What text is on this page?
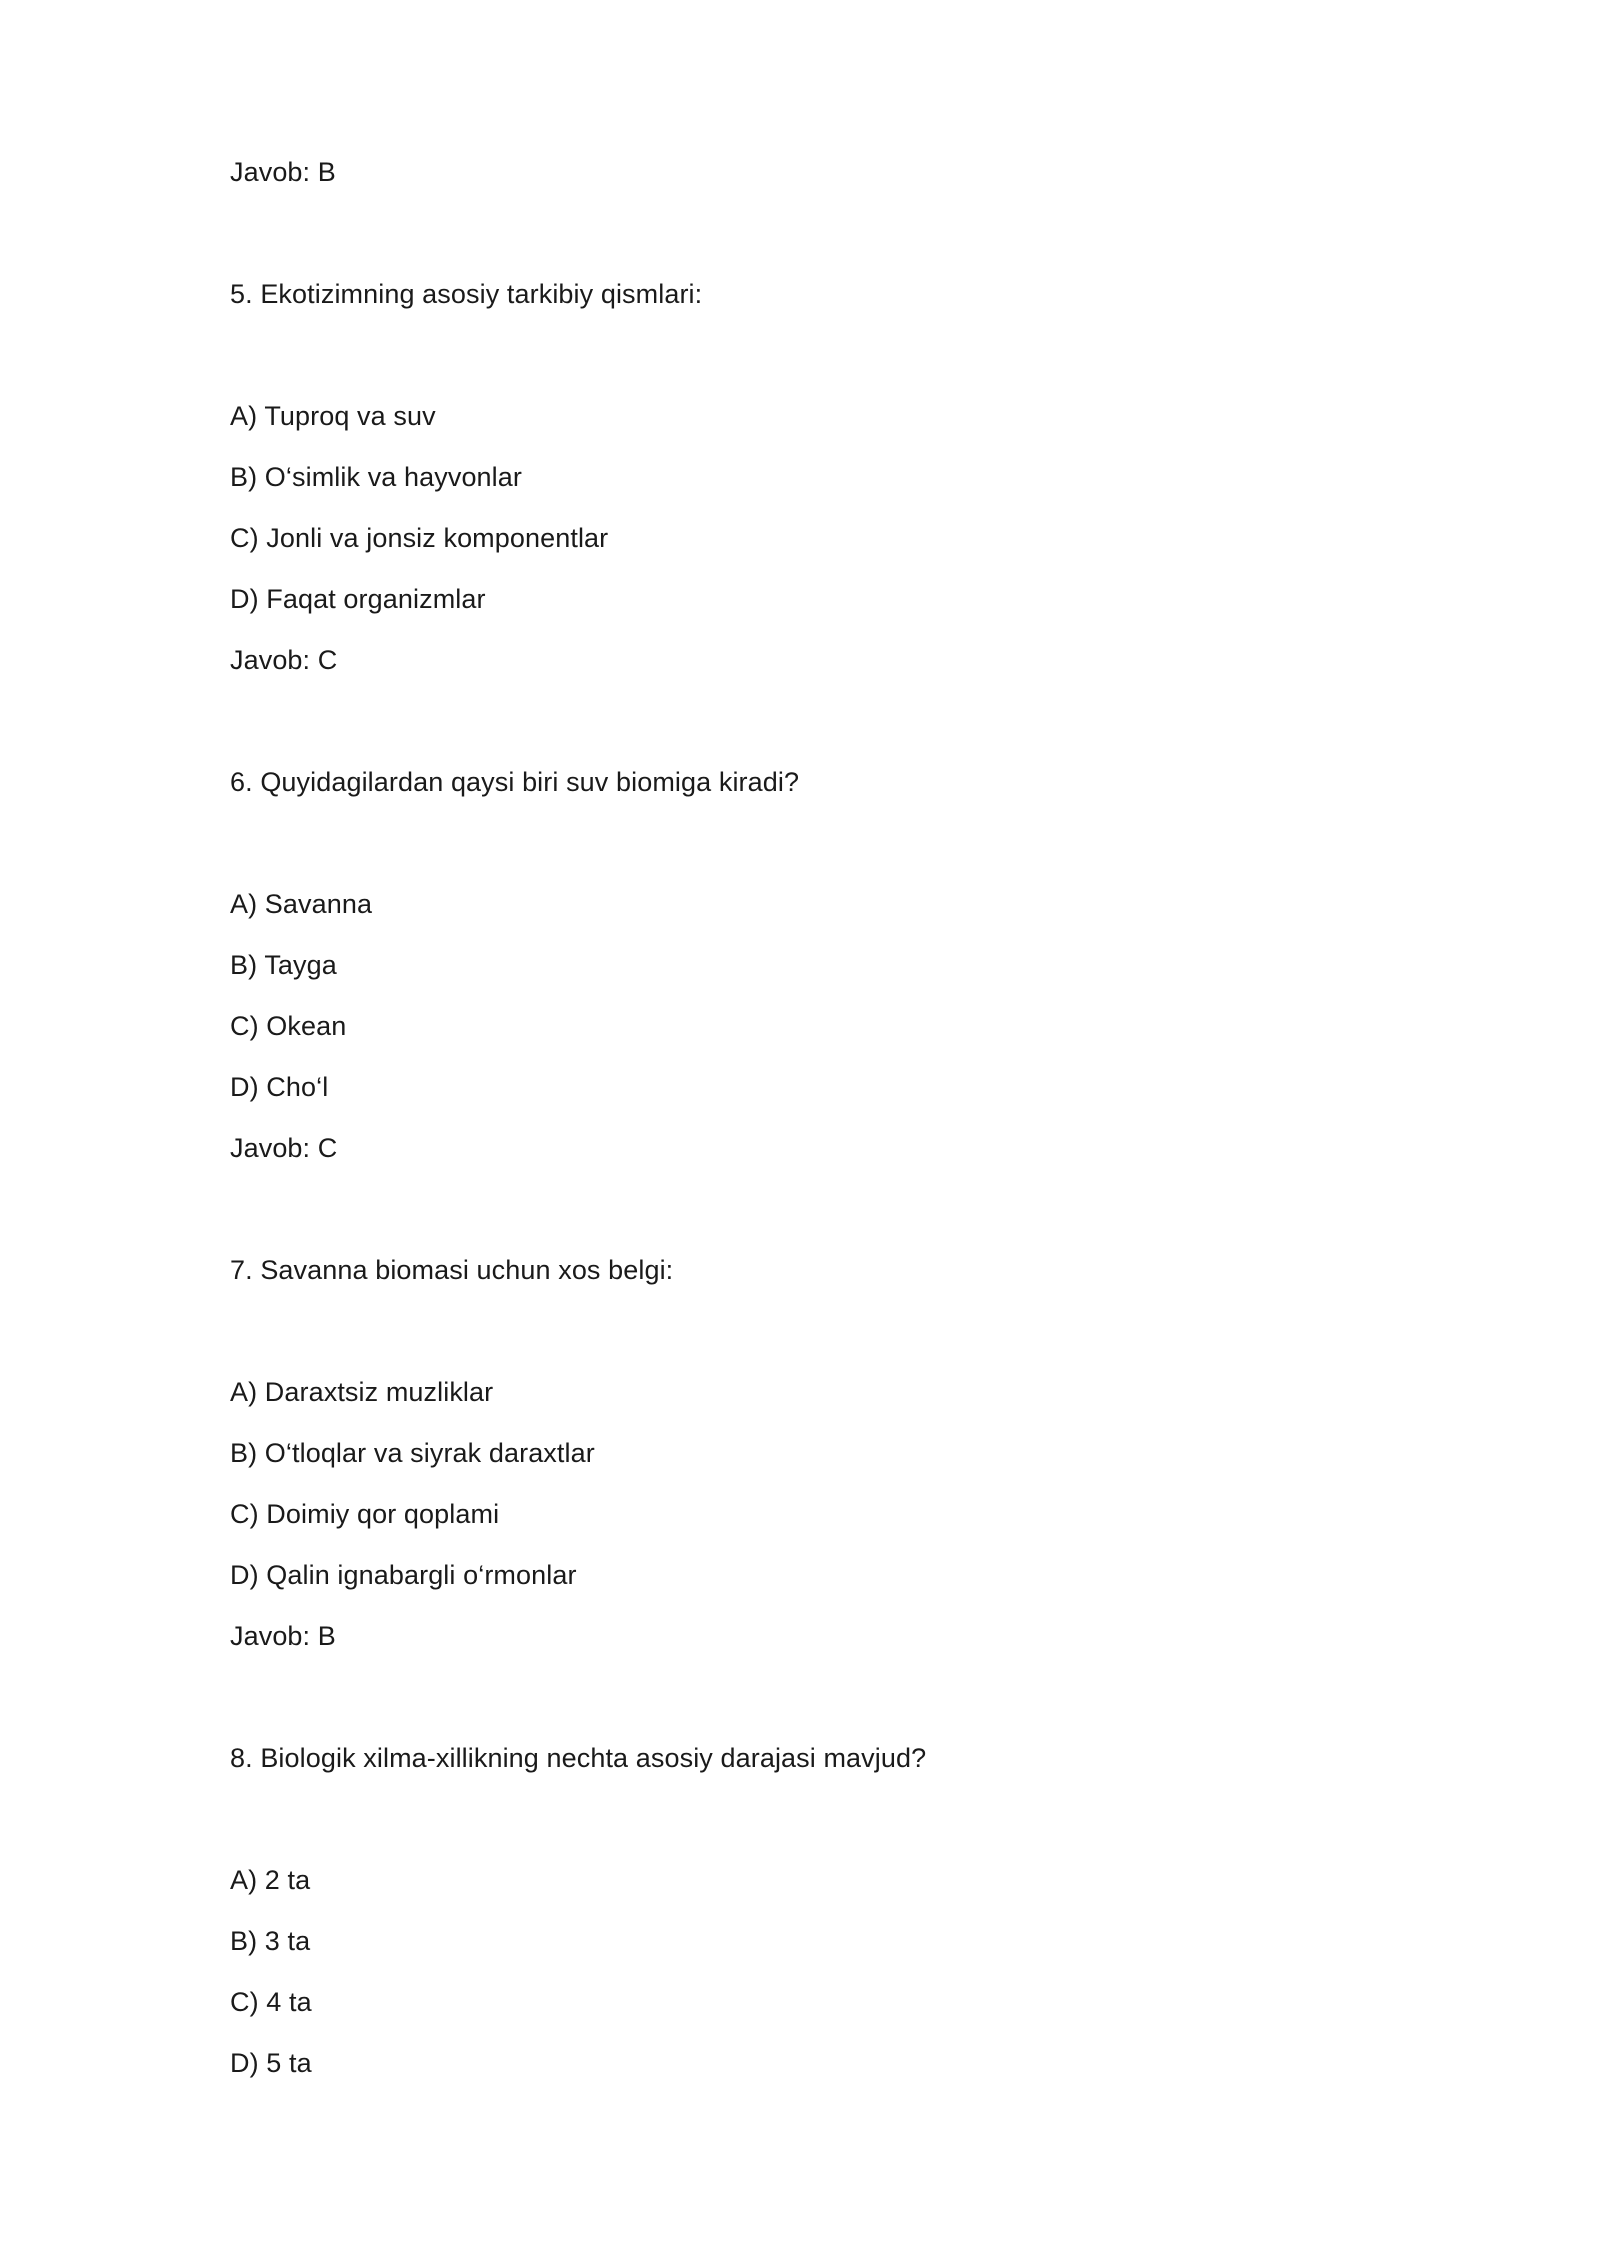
Javob: B
5. Ekotizimning asosiy tarkibiy qismlari:
A) Tuproq va suv
B) O‘simlik va hayvonlar
C) Jonli va jonsiz komponentlar
D) Faqat organizmlar
Javob: C
6. Quyidagilardan qaysi biri suv biomiga kiradi?
A) Savanna
B) Tayga
C) Okean
D) Cho‘l
Javob: C
7. Savanna biomasi uchun xos belgi:
A) Daraxtsiz muzliklar
B) O‘tloqlar va siyrak daraxtlar
C) Doimiy qor qoplami
D) Qalin ignabargli o‘rmonlar
Javob: B
8. Biologik xilma-xillikning nechta asosiy darajasi mavjud?
A) 2 ta
B) 3 ta
C) 4 ta
D) 5 ta
